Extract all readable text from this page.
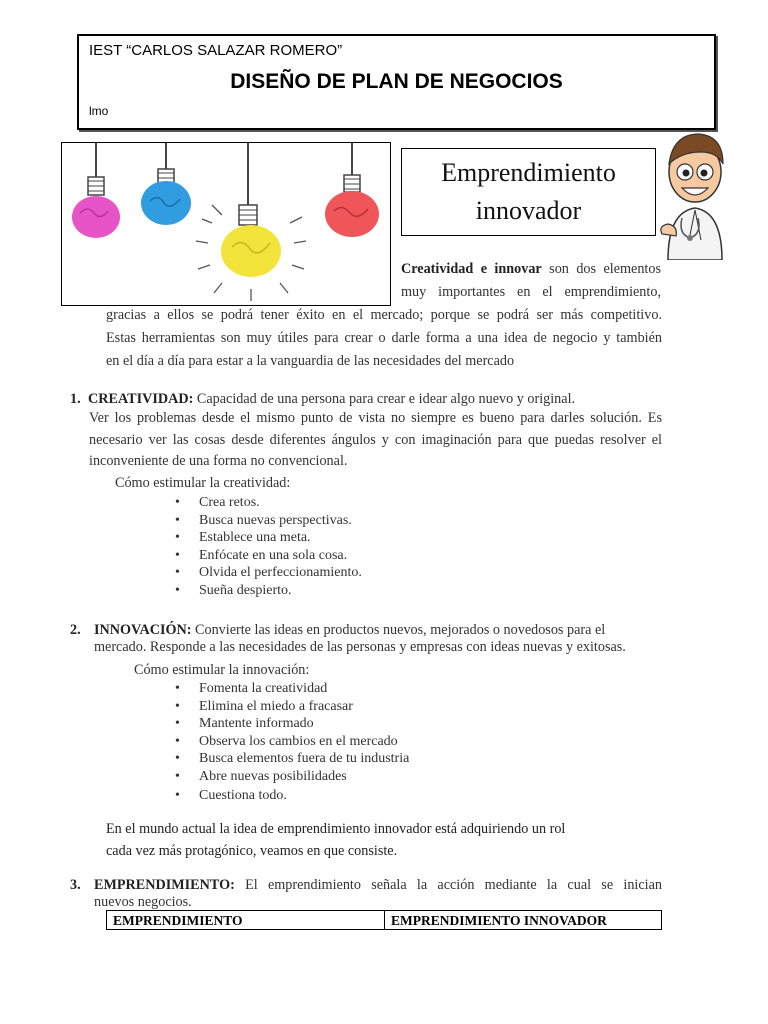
IEST “CARLOS SALAZAR ROMERO”
DISEÑO DE PLAN DE NEGOCIOS
lmo
Emprendimiento
innovador
Creatividad e innovar son dos elementos
muy importantes en el emprendimiento,
gracias a ellos se podrá tener éxito en el mercado; porque se podrá ser más competitivo.
Estas herramientas son muy útiles para crear o darle forma a una idea de negocio y también
en el día a día para estar a la vanguardia de las necesidades del mercado
1. CREATIVIDAD: Capacidad de una persona para crear e idear algo nuevo y original.
Ver los problemas desde el mismo punto de vista no siempre es bueno para darles solución. Es
necesario ver las cosas desde diferentes ángulos y con imaginación para que puedas resolver el
inconveniente de una forma no convencional.
Cómo estimular la creatividad:
• Crea retos.
• Busca nuevas perspectivas.
• Establece una meta.
• Enfócate en una sola cosa.
• Olvida el perfeccionamiento.
• Sueña despierto.
2. INNOVACIÓN: Convierte las ideas en productos nuevos, mejorados o novedosos para el
mercado. Responde a las necesidades de las personas y empresas con ideas nuevas y exitosas.
Cómo estimular la innovación:
• Fomenta la creatividad
• Elimina el miedo a fracasar
• Mantente informado
• Observa los cambios en el mercado
• Busca elementos fuera de tu industria
• Abre nuevas posibilidades
• Cuestiona todo.
En el mundo actual la idea de emprendimiento innovador está adquiriendo un rol
cada vez más protagónico, veamos en que consiste.
3. EMPRENDIMIENTO: El emprendimiento señala la acción mediante la cual se inician
nuevos negocios.
EMPRENDIMIENTO	EMPRENDIMIENTO INNOVADOR
